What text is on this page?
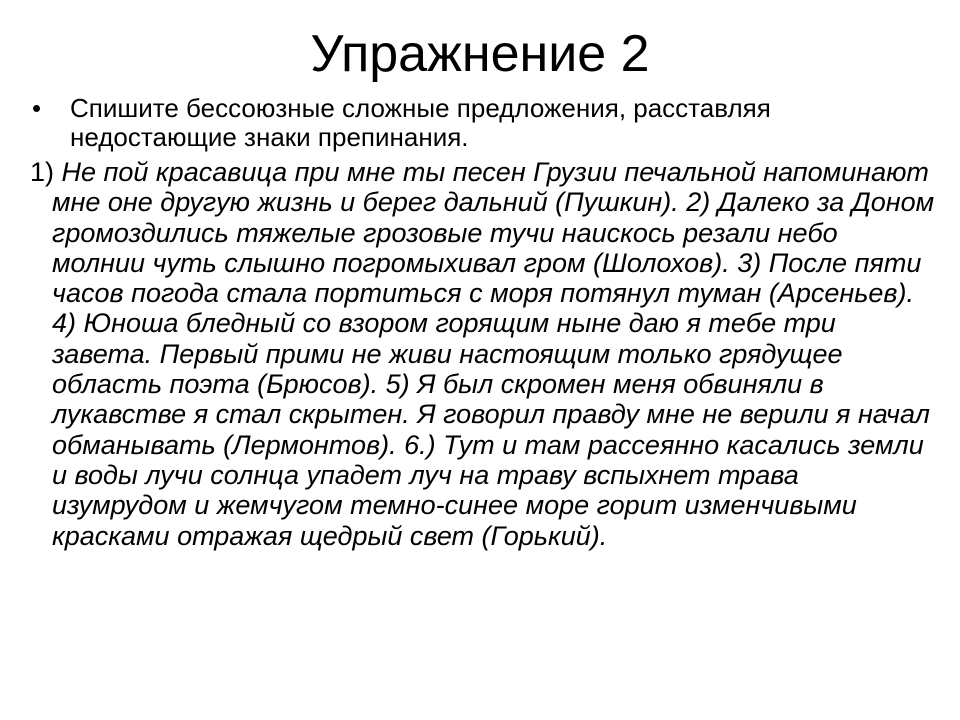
Упражнение 2
•	Спишите бессоюзные сложные предложения, расставляя недостающие знаки препинания.
1) Не пой красавица при мне ты песен Грузии печальной напоминают мне оне другую жизнь и берег дальний (Пушкин). 2) Далеко за Доном громоздились тяжелые грозовые тучи наискось резали небо молнии чуть слышно погромыхивал гром (Шолохов). 3) После пяти часов погода стала портиться с моря потянул туман (Арсеньев). 4) Юноша бледный со взором горящим ныне даю я тебе три завета. Первый прими не живи настоящим только грядущее область поэта (Брюсов). 5) Я был скромен меня обвиняли в лукавстве я стал скрытен. Я говорил правду мне не верили я начал обманывать (Лермонтов). 6.) Тут и там рассеянно касались земли и воды лучи солнца упадет луч на траву вспыхнет трава изумрудом и жемчугом темно-синее море горит изменчивыми красками отражая щедрый свет (Горький).
